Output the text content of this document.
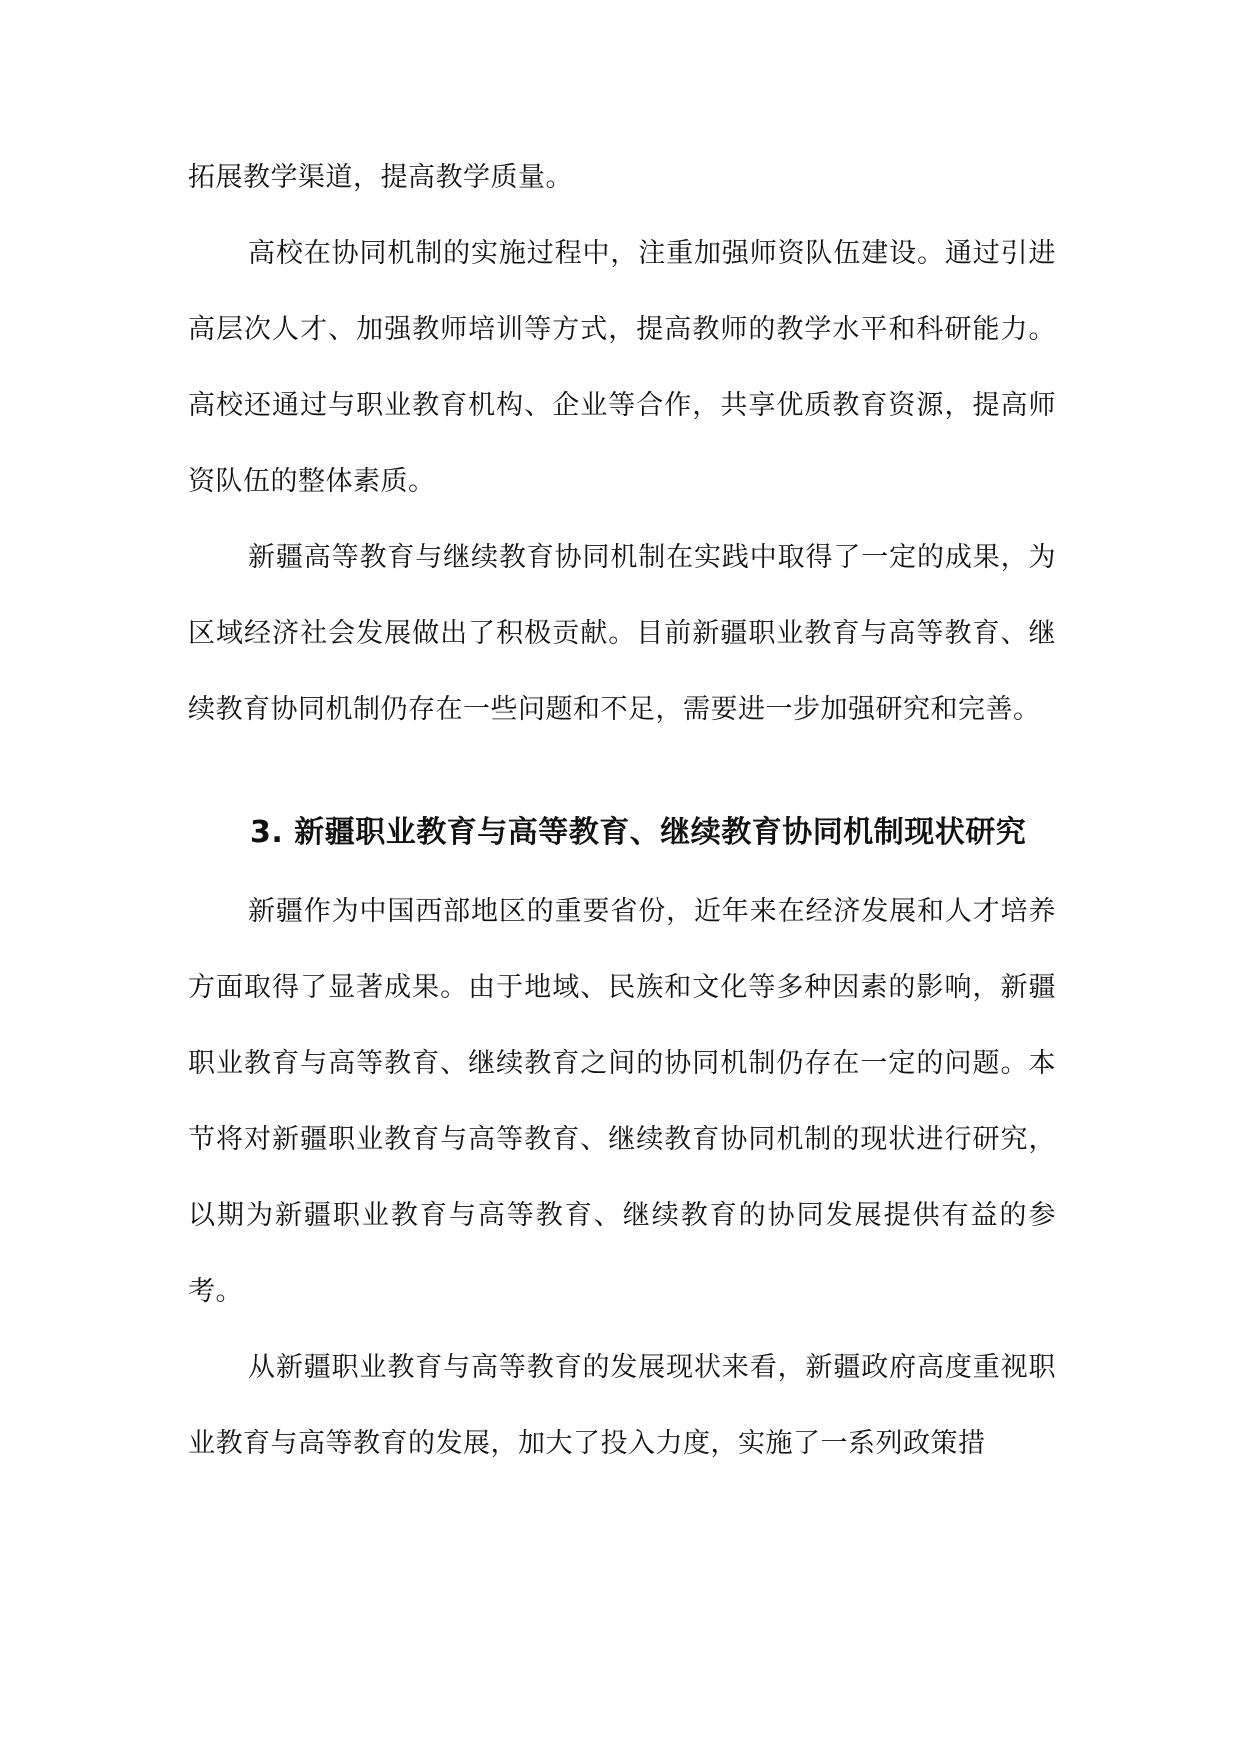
拓展教学渠道，提高教学质量。

高校在协同机制的实施过程中，注重加强师资队伍建设。通过引进高层次人才、加强教师培训等方式，提高教师的教学水平和科研能力。高校还通过与职业教育机构、企业等合作，共享优质教育资源，提高师资队伍的整体素质。

新疆高等教育与继续教育协同机制在实践中取得了一定的成果，为区域经济社会发展做出了积极贡献。目前新疆职业教育与高等教育、继续教育协同机制仍存在一些问题和不足，需要进一步加强研究和完善。

3. 新疆职业教育与高等教育、继续教育协同机制现状研究

新疆作为中国西部地区的重要省份，近年来在经济发展和人才培养方面取得了显著成果。由于地域、民族和文化等多种因素的影响，新疆职业教育与高等教育、继续教育之间的协同机制仍存在一定的问题。本节将对新疆职业教育与高等教育、继续教育协同机制的现状进行研究，以期为新疆职业教育与高等教育、继续教育的协同发展提供有益的参考。

从新疆职业教育与高等教育的发展现状来看，新疆政府高度重视职业教育与高等教育的发展，加大了投入力度，实施了一系列政策措
